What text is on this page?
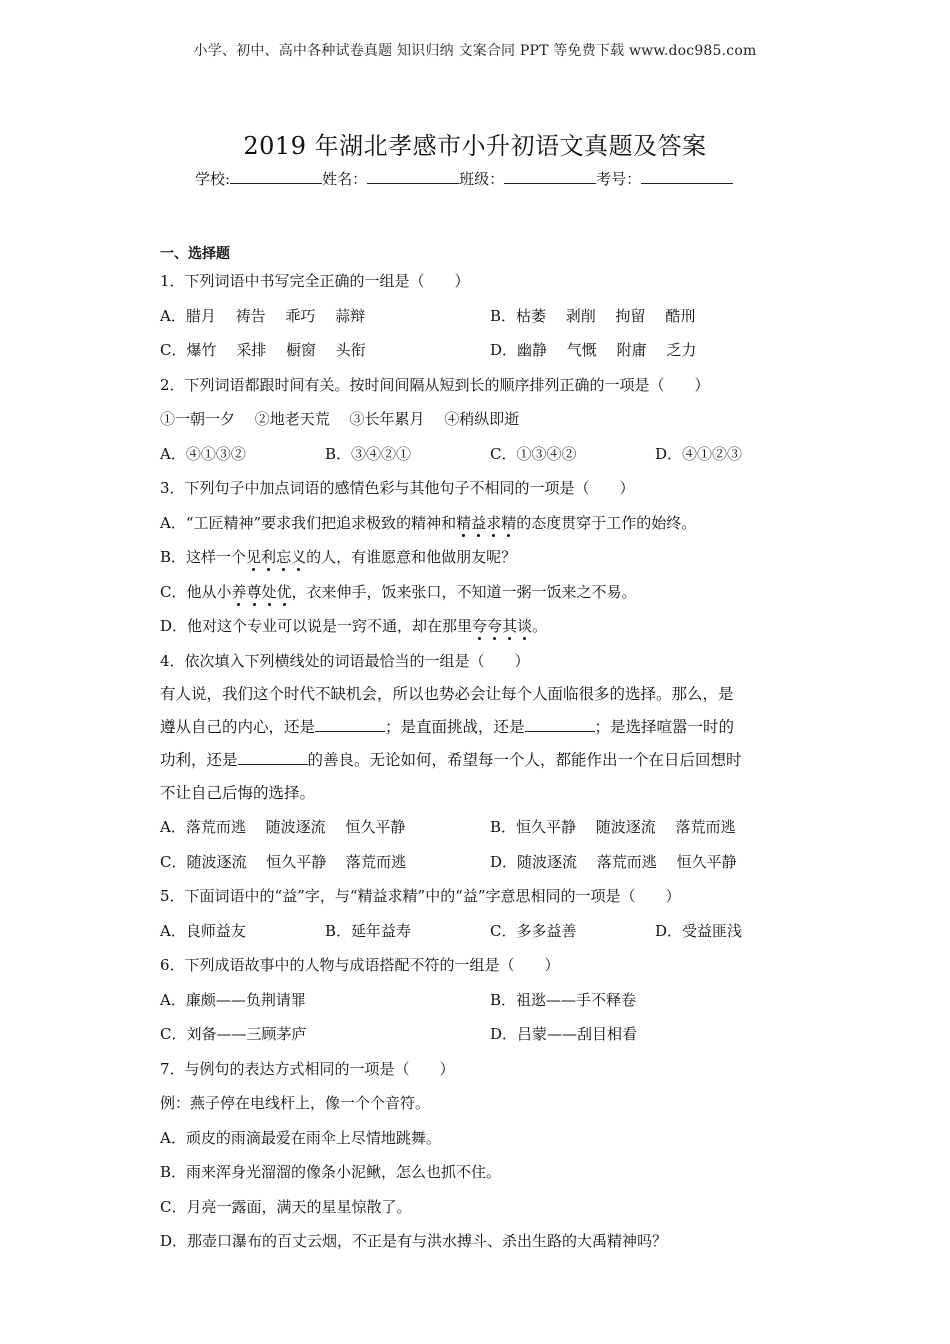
小学、初中、高中各种试卷真题 知识归纳 文案合同 PPT 等免费下载 www.doc985.com
2019 年湖北孝感市小升初语文真题及答案
学校:	姓名：	班级：	考号：
一、选择题
1．下列词语中书写完全正确的一组是（　　）
A．腊月　 祷告　 乖巧　 蒜辩	B．枯萎　 剥削　 拘留　 酷刑
C．爆竹　 采排　 橱窗　 头衔	D．幽静　 气慨　 附庸　 乏力
2．下列词语都跟时间有关。按时间间隔从短到长的顺序排列正确的一项是（　　）
①一朝一夕　 ②地老天荒　 ③长年累月　 ④稍纵即逝
A．④①③②	B．③④②①	C．①③④②	D．④①②③
3．下列句子中加点词语的感情色彩与其他句子不相同的一项是（　　）
A．“工匠精神”要求我们把追求极致的精神和精益求精的态度贯穿于工作的始终。
B．这样一个见利忘义的人，有谁愿意和他做朋友呢？
C．他从小养尊处优，衣来伸手，饭来张口，不知道一粥一饭来之不易。
D．他对这个专业可以说是一窍不通，却在那里夸夸其谈。
4．依次填入下列横线处的词语最恰当的一组是（　　）
有人说，我们这个时代不缺机会，所以也势必会让每个人面临很多的选择。那么，是
遵从自己的内心，还是	；是直面挑战，还是	；是选择喧嚣一时的
功利，还是	的善良。无论如何，希望每一个人，都能作出一个在日后回想时
不让自己后悔的选择。
A．落荒而逃　 随波逐流　 恒久平静	B．恒久平静　 随波逐流　 落荒而逃
C．随波逐流　 恒久平静　 落荒而逃	D．随波逐流　 落荒而逃　 恒久平静
5．下面词语中的“益”字，与“精益求精”中的“益”字意思相同的一项是（　　）
A．良师益友	B．延年益寿	C．多多益善	D．受益匪浅
6．下列成语故事中的人物与成语搭配不符的一组是（　　）
A．廉颇——负荆请罪	B．祖逖——手不释卷
C．刘备——三顾茅庐	D．吕蒙——刮目相看
7．与例句的表达方式相同的一项是（　　）
例：燕子停在电线杆上，像一个个音符。
A．顽皮的雨滴最爱在雨伞上尽情地跳舞。
B．雨来浑身光溜溜的像条小泥鳅，怎么也抓不住。
C．月亮一露面，满天的星星惊散了。
D．那壶口瀑布的百丈云烟，不正是有与洪水搏斗、杀出生路的大禹精神吗？
